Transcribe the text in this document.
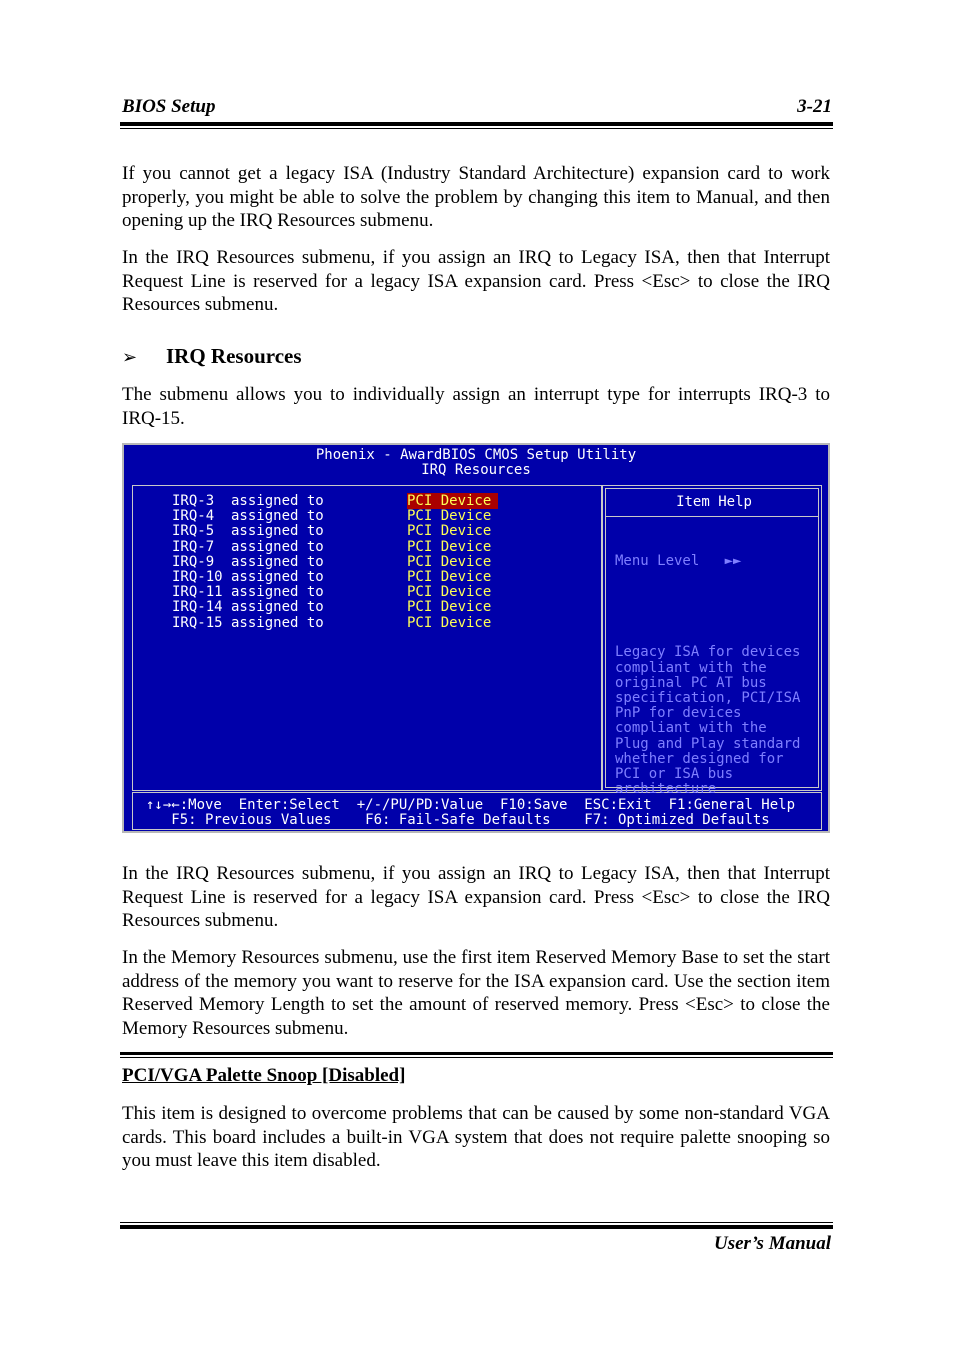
BIOS Setup	3-21
If you cannot get a legacy ISA (Industry Standard Architecture) expansion card to work properly, you might be able to solve the problem by changing this item to Manual, and then opening up the IRQ Resources submenu.
In the IRQ Resources submenu, if you assign an IRQ to Legacy ISA, then that Interrupt Request Line is reserved for a legacy ISA expansion card. Press <Esc> to close the IRQ Resources submenu.
➢ IRQ Resources
The submenu allows you to individually assign an interrupt type for interrupts IRQ-3 to IRQ-15.
Phoenix - AwardBIOS CMOS Setup Utility
IRQ Resources
IRQ-3  assigned to	PCI Device
IRQ-4  assigned to	PCI Device
IRQ-5  assigned to	PCI Device
IRQ-7  assigned to	PCI Device
IRQ-9  assigned to	PCI Device
IRQ-10 assigned to	PCI Device
IRQ-11 assigned to	PCI Device
IRQ-14 assigned to	PCI Device
IRQ-15 assigned to	PCI Device
Item Help

Menu Level   ►►

Legacy ISA for devices
compliant with the
original PC AT bus
specification, PCI/ISA
PnP for devices
compliant with the
Plug and Play standard
whether designed for
PCI or ISA bus
architecture

↑↓→←:Move  Enter:Select  +/-/PU/PD:Value  F10:Save  ESC:Exit  F1:General Help
F5: Previous Values    F6: Fail-Safe Defaults    F7: Optimized Defaults
In the IRQ Resources submenu, if you assign an IRQ to Legacy ISA, then that Interrupt Request Line is reserved for a legacy ISA expansion card. Press <Esc> to close the IRQ Resources submenu.
In the Memory Resources submenu, use the first item Reserved Memory Base to set the start address of the memory you want to reserve for the ISA expansion card. Use the section item Reserved Memory Length to set the amount of reserved memory. Press <Esc> to close the Memory Resources submenu.
PCI/VGA Palette Snoop [Disabled]
This item is designed to overcome problems that can be caused by some non-standard VGA cards. This board includes a built-in VGA system that does not require palette snooping so you must leave this item disabled.
User’s Manual
